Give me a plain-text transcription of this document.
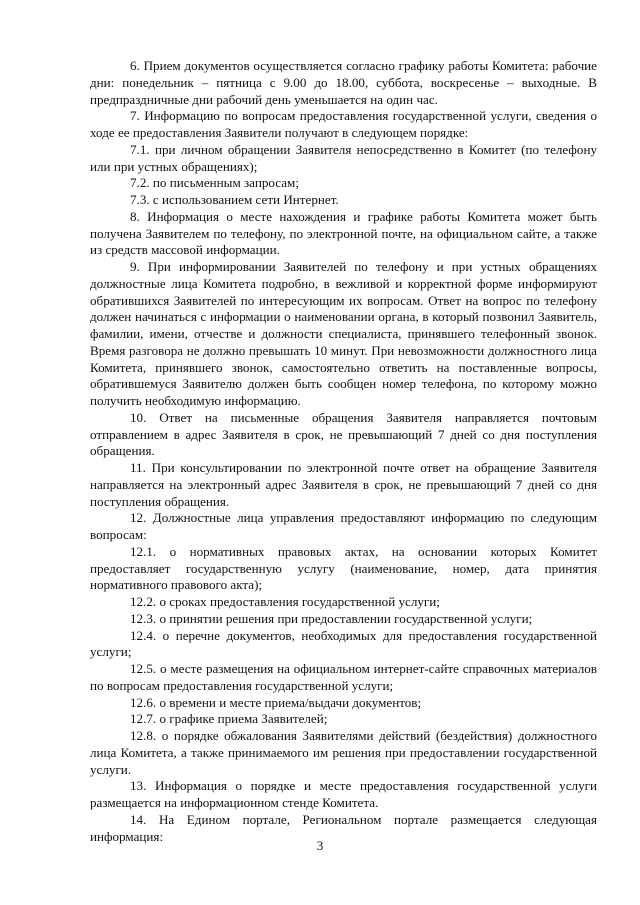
6. Прием документов осуществляется согласно графику работы Комитета: рабочие дни: понедельник – пятница с 9.00 до 18.00, суббота, воскресенье – выходные. В предпраздничные дни рабочий день уменьшается на один час.

7. Информацию по вопросам предоставления государственной услуги, сведения о ходе ее предоставления Заявители получают в следующем порядке:

7.1. при личном обращении Заявителя непосредственно в Комитет (по телефону или при устных обращениях);

7.2. по письменным запросам;

7.3. с использованием сети Интернет.

8. Информация о месте нахождения и графике работы Комитета может быть получена Заявителем по телефону, по электронной почте, на официальном сайте, а также из средств массовой информации.

9. При информировании Заявителей по телефону и при устных обращениях должностные лица Комитета подробно, в вежливой и корректной форме информируют обратившихся Заявителей по интересующим их вопросам. Ответ на вопрос по телефону должен начинаться с информации о наименовании органа, в который позвонил Заявитель, фамилии, имени, отчестве и должности специалиста, принявшего телефонный звонок. Время разговора не должно превышать 10 минут. При невозможности должностного лица Комитета, принявшего звонок, самостоятельно ответить на поставленные вопросы, обратившемуся Заявителю должен быть сообщен номер телефона, по которому можно получить необходимую информацию.

10. Ответ на письменные обращения Заявителя направляется почтовым отправлением в адрес Заявителя в срок, не превышающий 7 дней со дня поступления обращения.

11. При консультировании по электронной почте ответ на обращение Заявителя направляется на электронный адрес Заявителя в срок, не превышающий 7 дней со дня поступления обращения.

12. Должностные лица управления предоставляют информацию по следующим вопросам:

12.1. о нормативных правовых актах, на основании которых Комитет предоставляет государственную услугу (наименование, номер, дата принятия нормативного правового акта);

12.2. о сроках предоставления государственной услуги;

12.3. о принятии решения при предоставлении государственной услуги;

12.4. о перечне документов, необходимых для предоставления государственной услуги;

12.5. о месте размещения на официальном интернет-сайте справочных материалов по вопросам предоставления государственной услуги;

12.6. о времени и месте приема/выдачи документов;

12.7. о графике приема Заявителей;

12.8. о порядке обжалования Заявителями действий (бездействия) должностного лица Комитета, а также принимаемого им решения при предоставлении государственной услуги.

13. Информация о порядке и месте предоставления государственной услуги размещается на информационном стенде Комитета.

14. На Едином портале, Региональном портале размещается следующая информация:

3
